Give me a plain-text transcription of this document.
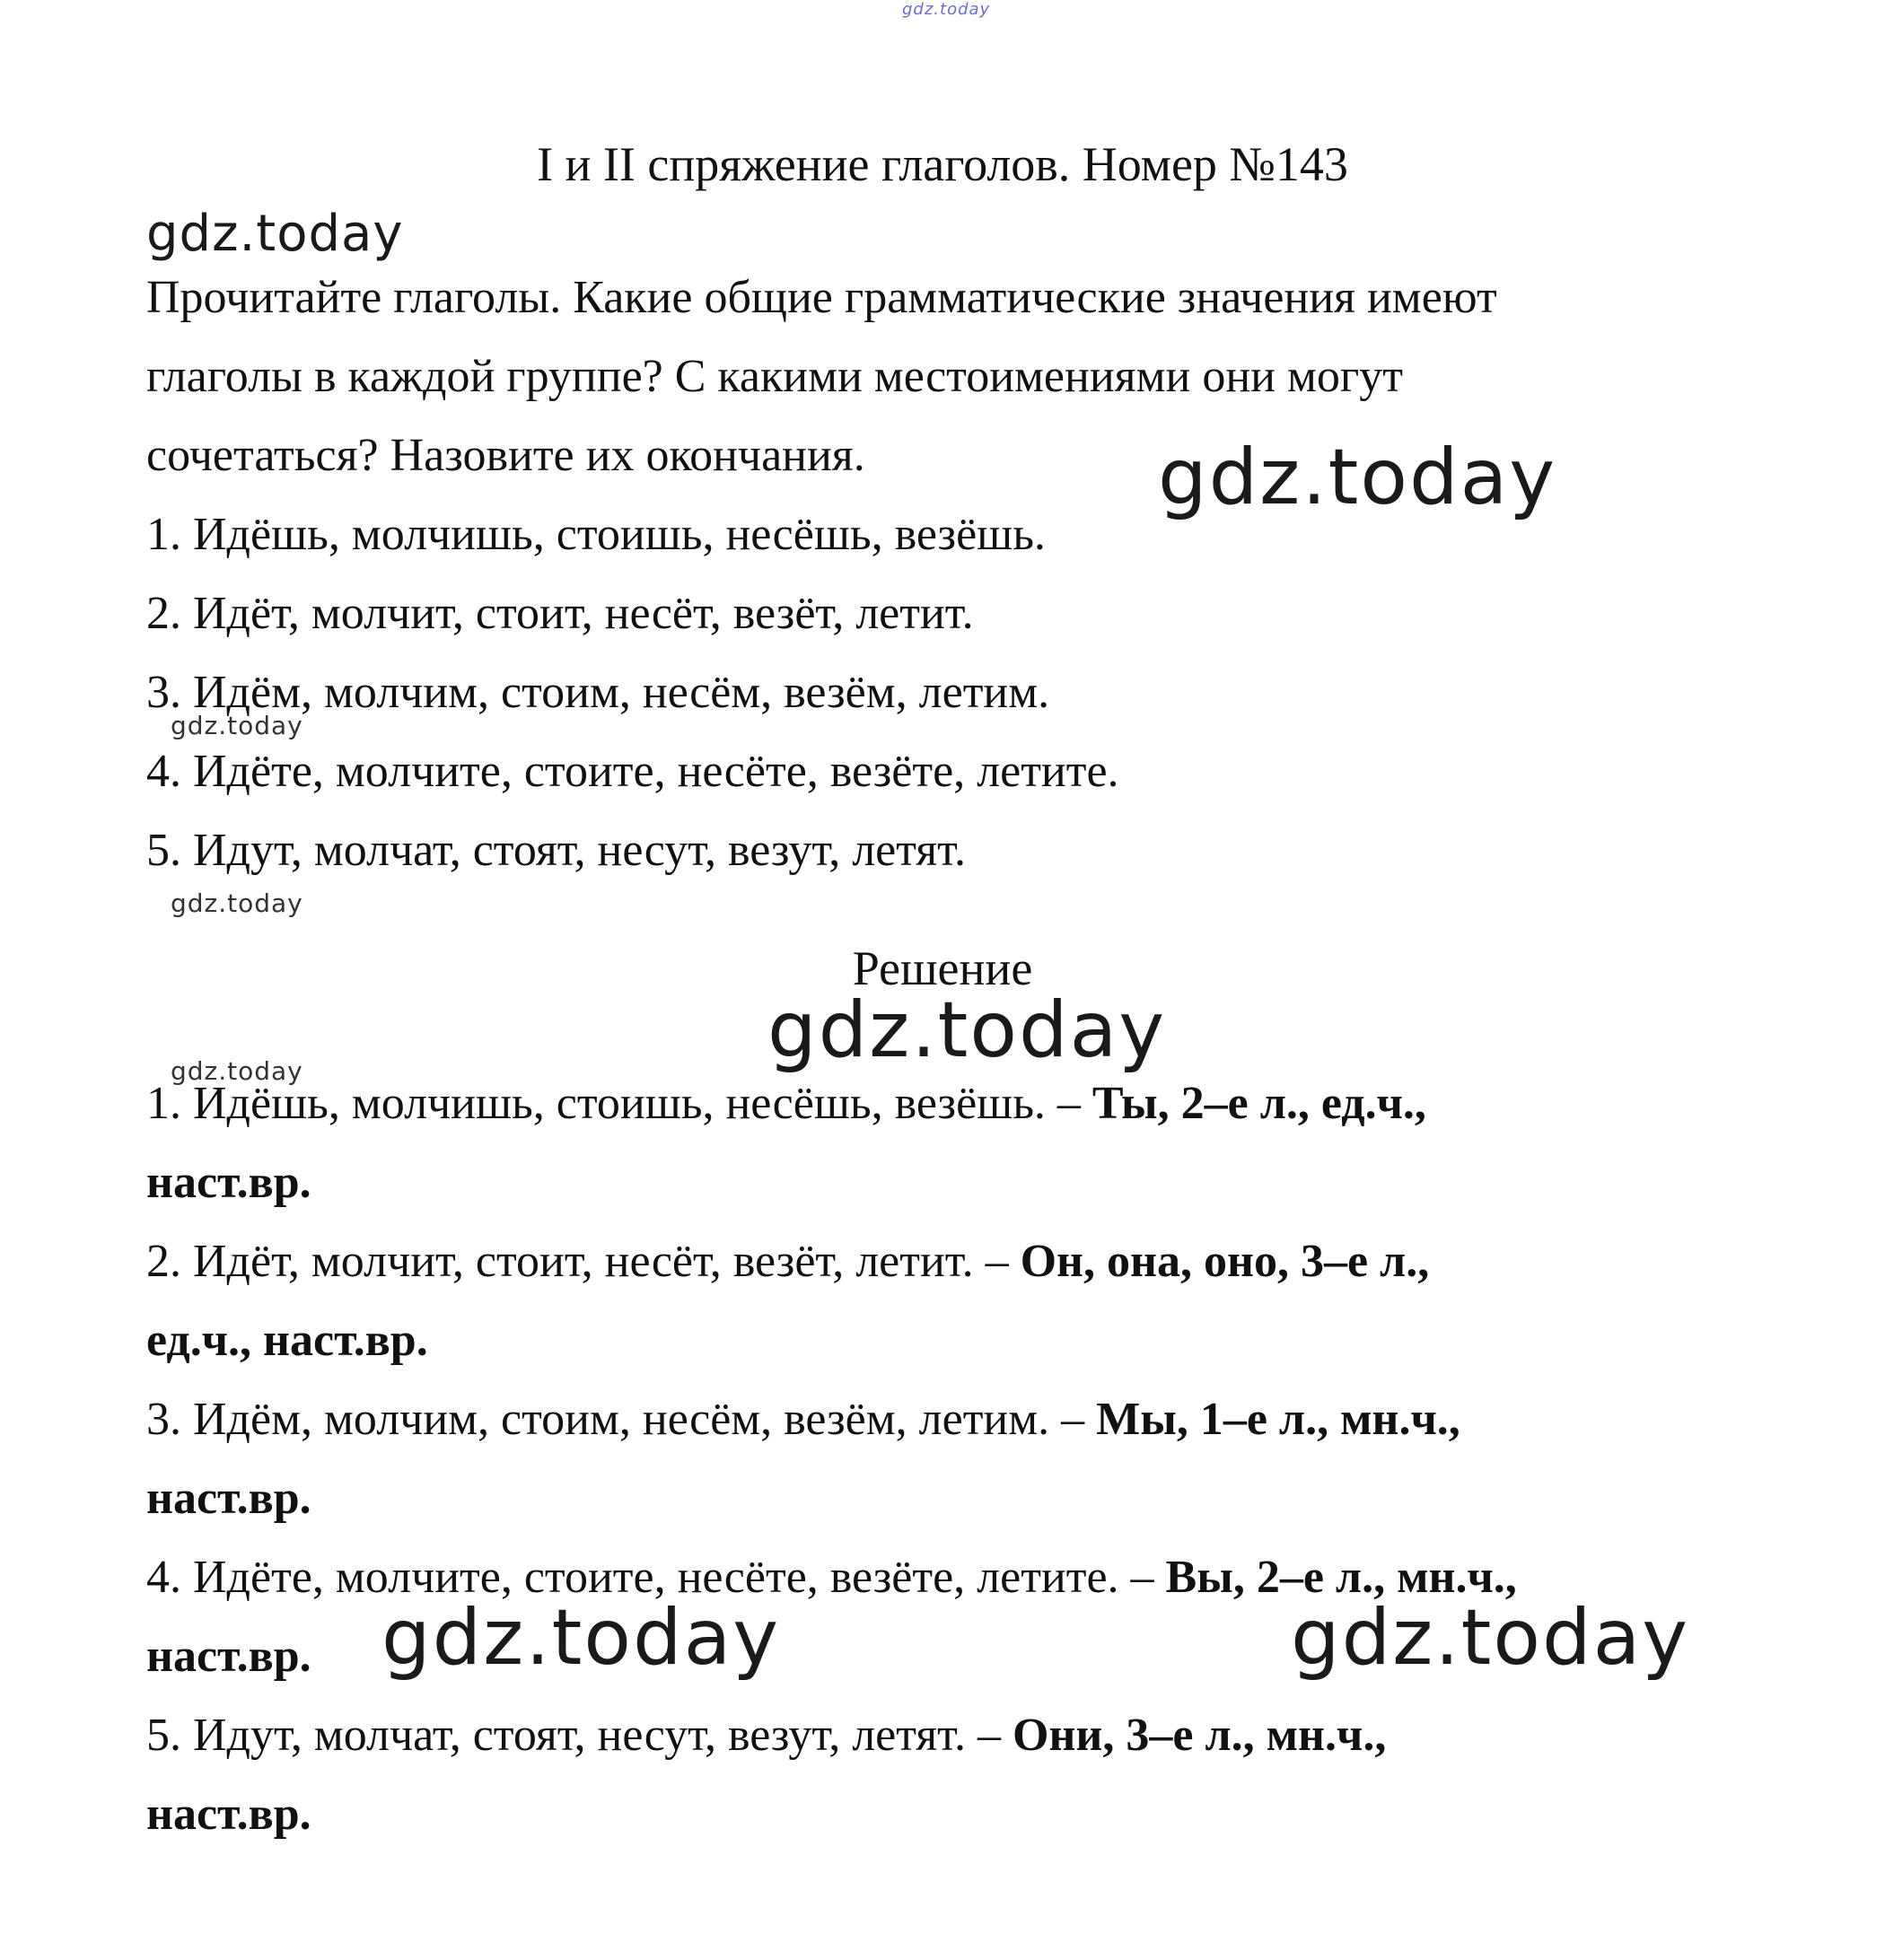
gdz.today
gdz.today
gdz.today
gdz.today
gdz.today
gdz.today
gdz.today
gdz.today	gdz.today
I и II спряжение глаголов. Номер №143
Прочитайте глаголы. Какие общие грамматические значения имеют
глаголы в каждой группе? С какими местоимениями они могут
сочетаться? Назовите их окончания.
1. Идёшь, молчишь, стоишь, несёшь, везёшь.
2. Идёт, молчит, стоит, несёт, везёт, летит.
3. Идём, молчим, стоим, несём, везём, летим.
4. Идёте, молчите, стоите, несёте, везёте, летите.
5. Идут, молчат, стоят, несут, везут, летят.
Решение
1. Идёшь, молчишь, стоишь, несёшь, везёшь. – Ты, 2–е л., ед.ч.,
наст.вр.
2. Идёт, молчит, стоит, несёт, везёт, летит. – Он, она, оно, 3–е л.,
ед.ч., наст.вр.
3. Идём, молчим, стоим, несём, везём, летим. – Мы, 1–е л., мн.ч.,
наст.вр.
4. Идёте, молчите, стоите, несёте, везёте, летите. – Вы, 2–е л., мн.ч.,
наст.вр.
5. Идут, молчат, стоят, несут, везут, летят. – Они, 3–е л., мн.ч.,
наст.вр.
